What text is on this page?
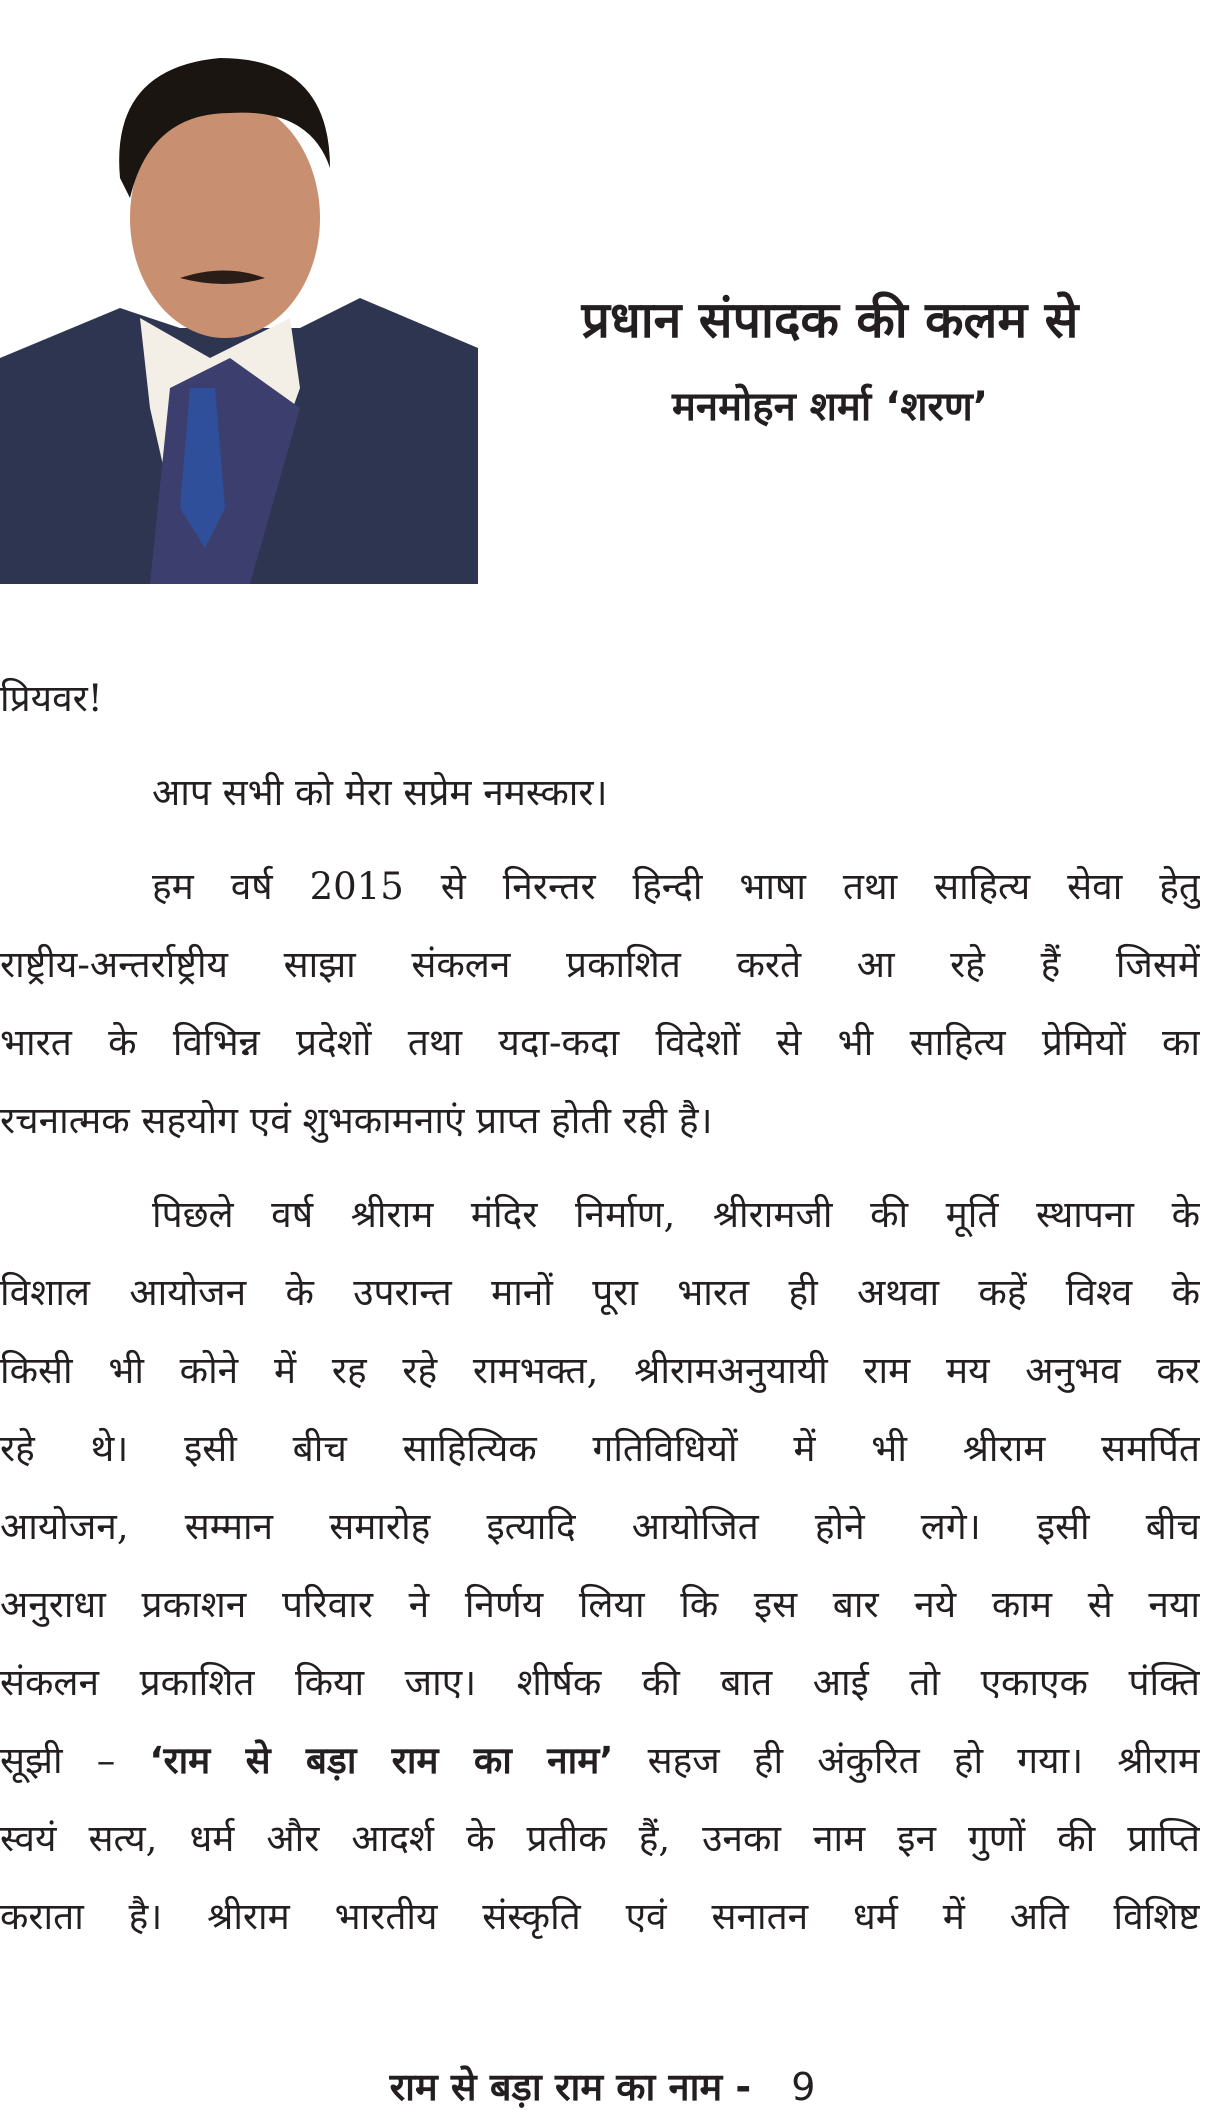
प्रधान संपादक की कलम से
मनमोहन शर्मा ‘शरण’
प्रियवर!
आप सभी को मेरा सप्रेम नमस्कार।
हम वर्ष 2015 से निरन्तर हिन्दी भाषा तथा साहित्य सेवा हेतु
राष्ट्रीय-अन्तर्राष्ट्रीय साझा संकलन प्रकाशित करते आ रहे हैं जिसमें
भारत के विभिन्न प्रदेशों तथा यदा-कदा विदेशों से भी साहित्य प्रेमियों का
रचनात्मक सहयोग एवं शुभकामनाएं प्राप्त होती रही है।
पिछले वर्ष श्रीराम मंदिर निर्माण, श्रीरामजी की मूर्ति स्थापना के
विशाल आयोजन के उपरान्त मानों पूरा भारत ही अथवा कहें विश्व के
किसी भी कोने में रह रहे रामभक्त, श्रीरामअनुयायी राम मय अनुभव कर
रहे थे। इसी बीच साहित्यिक गतिविधियों में भी श्रीराम समर्पित
आयोजन, सम्मान समारोह इत्यादि आयोजित होने लगे। इसी बीच
अनुराधा प्रकाशन परिवार ने निर्णय लिया कि इस बार नये काम से नया
संकलन प्रकाशित किया जाए। शीर्षक की बात आई तो एकाएक पंक्ति
सूझी – ‘राम से बड़ा राम का नाम’ सहज ही अंकुरित हो गया। श्रीराम
स्वयं सत्य, धर्म और आदर्श के प्रतीक हैं, उनका नाम इन गुणों की प्राप्ति
कराता है। श्रीराम भारतीय संस्कृति एवं सनातन धर्म में अति विशिष्ट
राम से बड़ा राम का नाम - 9
